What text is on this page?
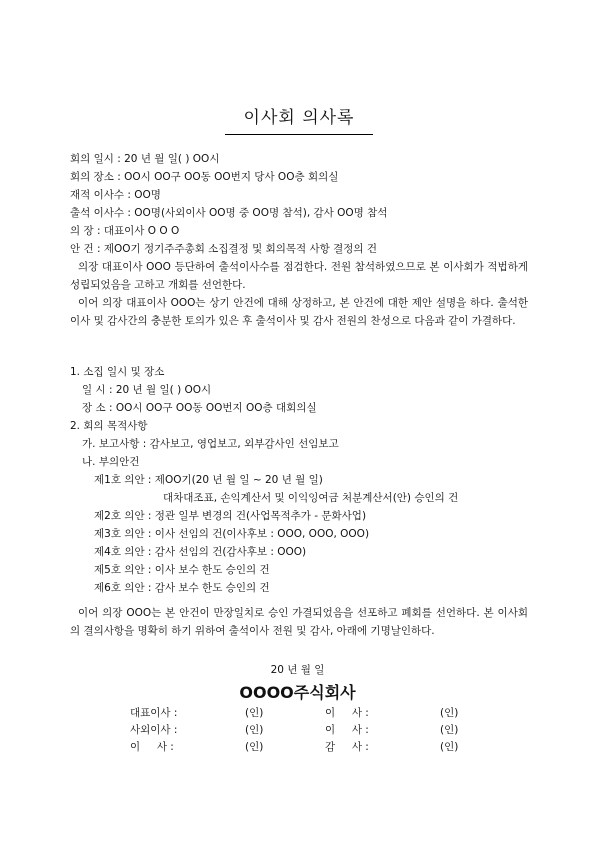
이사회 의사록
회의 일시 : 20 년 월 일( ) OO시
회의 장소 : OO시 OO구 OO동 OO번지 당사 OO층 회의실
재적 이사수 : OO명
출석 이사수 : OO명(사외이사 OO명 중 OO명 참석), 감사 OO명 참석
의 장 : 대표이사 O O O
안 건 : 제OO기 정기주주총회 소집결정 및 회의목적 사항 결정의 건

의장 대표이사 OOO 등단하여 출석이사수를 점검한다. 전원 참석하였으므로 본 이사회가 적법하게 성립되었음을 고하고 개회를 선언한다.

이어 의장 대표이사 OOO는 상기 안건에 대해 상정하고, 본 안건에 대한 제안 설명을 하다. 출석한 이사 및 감사간의 충분한 토의가 있은 후 출석이사 및 감사 전원의 찬성으로 다음과 같이 가결하다.

1. 소집 일시 및 장소
일 시 : 20 년 월 일( ) OO시
장 소 : OO시 OO구 OO동 OO번지 OO층 대회의실
2. 회의 목적사항
가. 보고사항 : 감사보고, 영업보고, 외부감사인 선임보고
나. 부의안건
제1호 의안 : 제OO기(20 년 월 일 ~ 20 년 월 일)
대차대조표, 손익계산서 및 이익잉여금 처분계산서(안) 승인의 건
제2호 의안 : 정관 일부 변경의 건(사업목적추가 - 문화사업)
제3호 의안 : 이사 선임의 건(이사후보 : OOO, OOO, OOO)
제4호 의안 : 감사 선임의 건(감사후보 : OOO)
제5호 의안 : 이사 보수 한도 승인의 건
제6호 의안 : 감사 보수 한도 승인의 건

이어 의장 OOO는 본 안건이 만장일치로 승인 가결되었음을 선포하고 폐회를 선언하다. 본 이사회의 결의사항을 명확히 하기 위하여 출석이사 전원 및 감사, 아래에 기명날인하다.

20 년 월 일
OOOO주식회사
대표이사 :	(인)	이     사 :	(인)
사외이사 :	(인)	이     사 :	(인)
이     사 :	(인)	감     사 :	(인)
